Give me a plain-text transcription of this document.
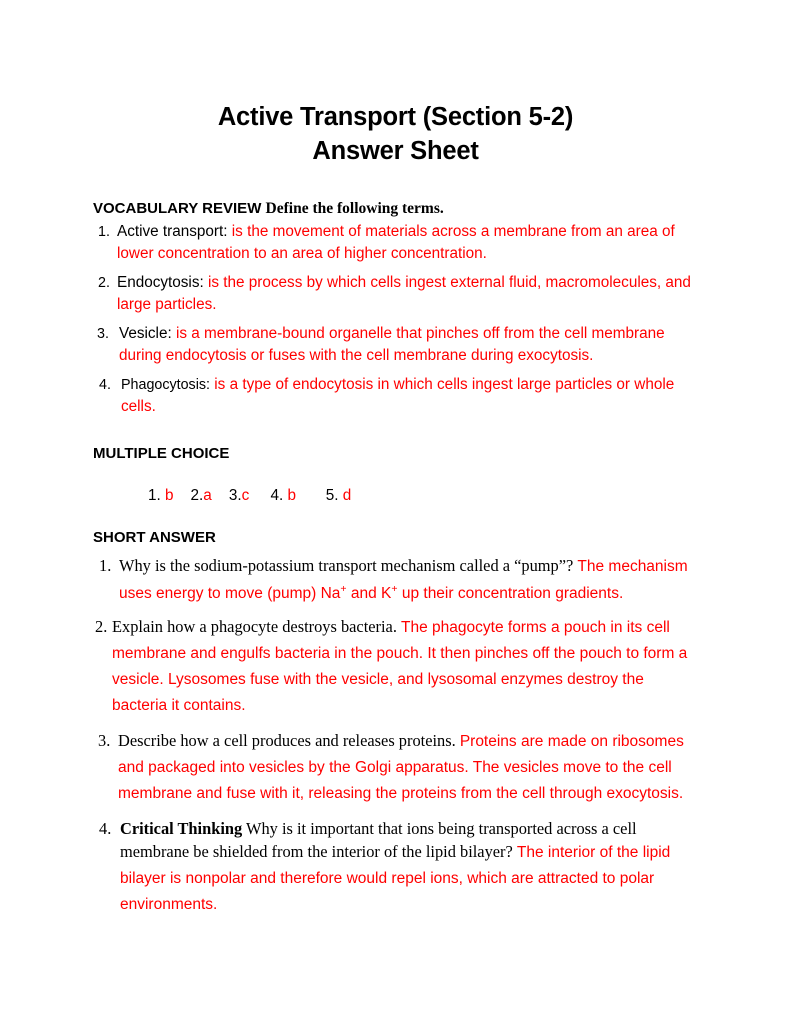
Active Transport (Section 5-2)
Answer Sheet
VOCABULARY REVIEW Define the following terms.
1. Active transport: is the movement of materials across a membrane from an area of lower concentration to an area of higher concentration.
2. Endocytosis: is the process by which cells ingest external fluid, macromolecules, and large particles.
3. Vesicle: is a membrane-bound organelle that pinches off from the cell membrane during endocytosis or fuses with the cell membrane during exocytosis.
4. Phagocytosis: is a type of endocytosis in which cells ingest large particles or whole cells.
MULTIPLE CHOICE

1. b 2.a 3.c 4. b 5. d

SHORT ANSWER
1. Why is the sodium-potassium transport mechanism called a “pump”? The mechanism uses energy to move (pump) Na+ and K+ up their concentration gradients.
2. Explain how a phagocyte destroys bacteria. The phagocyte forms a pouch in its cell membrane and engulfs bacteria in the pouch. It then pinches off the pouch to form a vesicle. Lysosomes fuse with the vesicle, and lysosomal enzymes destroy the bacteria it contains.
3. Describe how a cell produces and releases proteins. Proteins are made on ribosomes and packaged into vesicles by the Golgi apparatus. The vesicles move to the cell membrane and fuse with it, releasing the proteins from the cell through exocytosis.
4. Critical Thinking Why is it important that ions being transported across a cell membrane be shielded from the interior of the lipid bilayer? The interior of the lipid bilayer is nonpolar and therefore would repel ions, which are attracted to polar environments.
